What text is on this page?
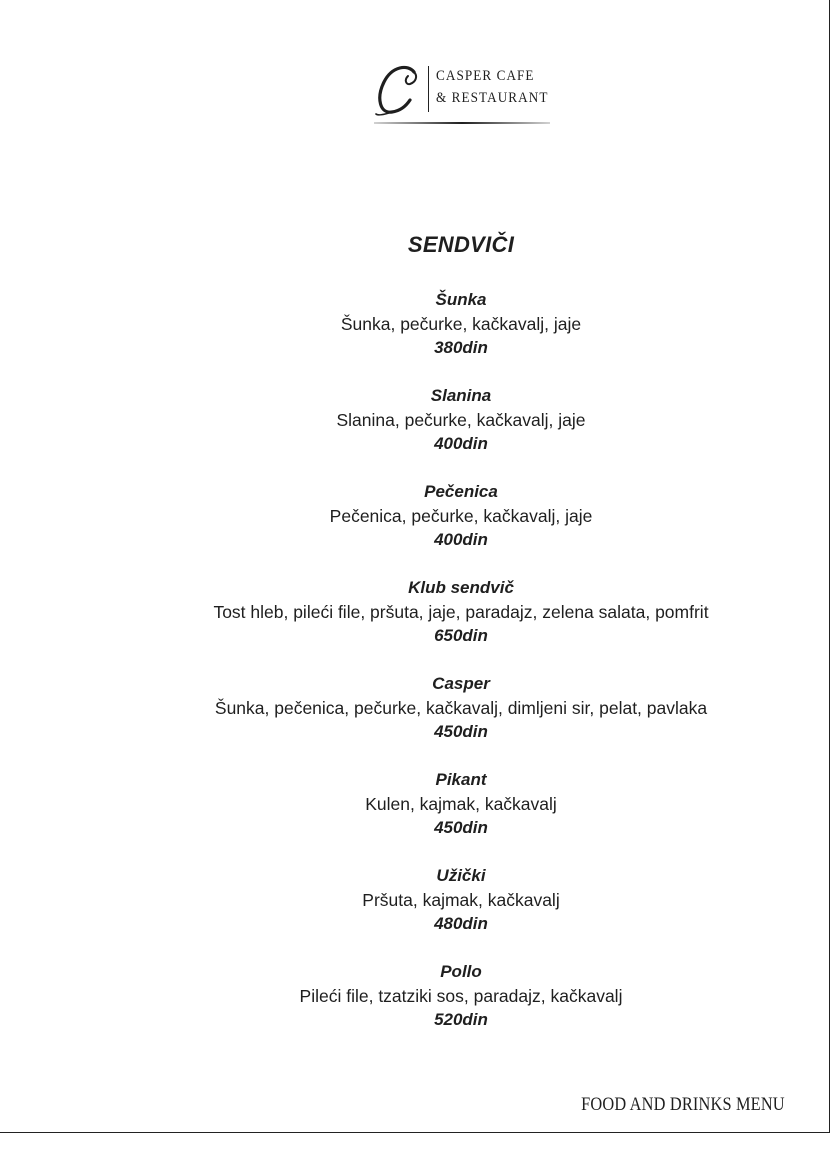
CASPER CAFE
& RESTAURANT
SENDVIČI
Šunka
Šunka, pečurke, kačkavalj, jaje
380din
Slanina
Slanina, pečurke, kačkavalj, jaje
400din
Pečenica
Pečenica, pečurke, kačkavalj, jaje
400din
Klub sendvič
Tost hleb, pileći file, pršuta, jaje, paradajz, zelena salata, pomfrit
650din
Casper
Šunka, pečenica, pečurke, kačkavalj, dimljeni sir, pelat, pavlaka
450din
Pikant
Kulen, kajmak, kačkavalj
450din
Užički
Pršuta, kajmak, kačkavalj
480din
Pollo
Pileći file, tzatziki sos, paradajz, kačkavalj
520din
FOOD AND DRINKS MENU
